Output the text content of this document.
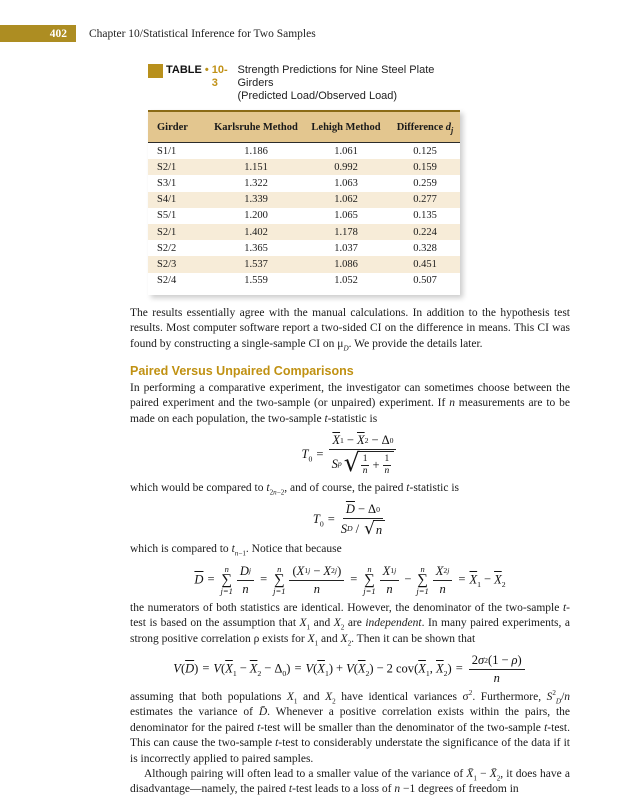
402 Chapter 10/Statistical Inference for Two Samples
TABLE • 10-3
Strength Predictions for Nine Steel Plate Girders
(Predicted Load/Observed Load)
Girder	Karlsruhe Method	Lehigh Method	Difference $d_j$
S1/1	1.186	1.061	0.125
S2/1	1.151	0.992	0.159
S3/1	1.322	1.063	0.259
S4/1	1.339	1.062	0.277
S5/1	1.200	1.065	0.135
S2/1	1.402	1.178	0.224
S2/2	1.365	1.037	0.328
S2/3	1.537	1.086	0.451
S2/4	1.559	1.052	0.507

The results essentially agree with the manual calculations. In addition to the hypothesis test results. Most computer software report a two-sided CI on the difference in means. This CI was found by constructing a single-sample CI on $\mu_D$. We provide the details later.

Paired Versus Unpaired Comparisons

In performing a comparative experiment, the investigator can sometimes choose between the paired experiment and the two-sample (or unpaired) experiment. If n measurements are to be made on each population, the two-sample t-statistic is

$T_0 = \overline{X}$ $1 - \overline{X}$ 2 − Δ 0
S p √ 1
$n + \frac{1}{n}$

which would be compared to $t_{2n-2}$, and of course, the paired t-statistic is

$T_0 = \frac{\overline{D} - \Delta 0}{\text{S D / √ n}}$

which is compared to $t_{n-1}$. Notice that because

$\overline{D}$ =
n
∑
$j=1 \frac{\text{D j}}{n}$ =
n
∑
$j=1 \frac{( X 1j - X 2j )}{n}$ =
n
∑
$j=1 \frac{X 1j}{n}$ −
n
∑
$j=1 \frac{X 2j}{n} = \overline{X}_1 - \overline{X}_2$

the numerators of both statistics are identical. However, the denominator of the two-sample t-test is based on the assumption that $X_1$ and $X_2$ are independent. In many paired experiments, a strong positive correlation ρ exists for $X_1$ and $X_2$. Then it can be shown that

$V(\overline{D}) = V(\overline{X}_1 - \overline{X}_2 - \Delta_0) = V(\overline{X}_1) + V(\overline{X}_2) - 2$ $cov(\overline{X}_1$, $\overline{X}_2) = \frac{2 \sigma 2 ( 1 - \rho )}{n}$

assuming that both populations $X_1$ and $X_2$ have identical variances $\sigma^2$. Furthermore, $S^2_D/n$ estimates the variance of D̄. Whenever a positive correlation exists within the pairs, the denominator for the paired t-test will be smaller than the denominator of the two-sample t-test. This can cause the two-sample t-test to considerably understate the significance of the data if it is incorrectly applied to paired samples.

Although pairing will often lead to a smaller value of the variance of $X̄_1$ − $X̄_2$, it does have a disadvantage—namely, the paired t-test leads to a loss of n −1 degrees of freedom in
